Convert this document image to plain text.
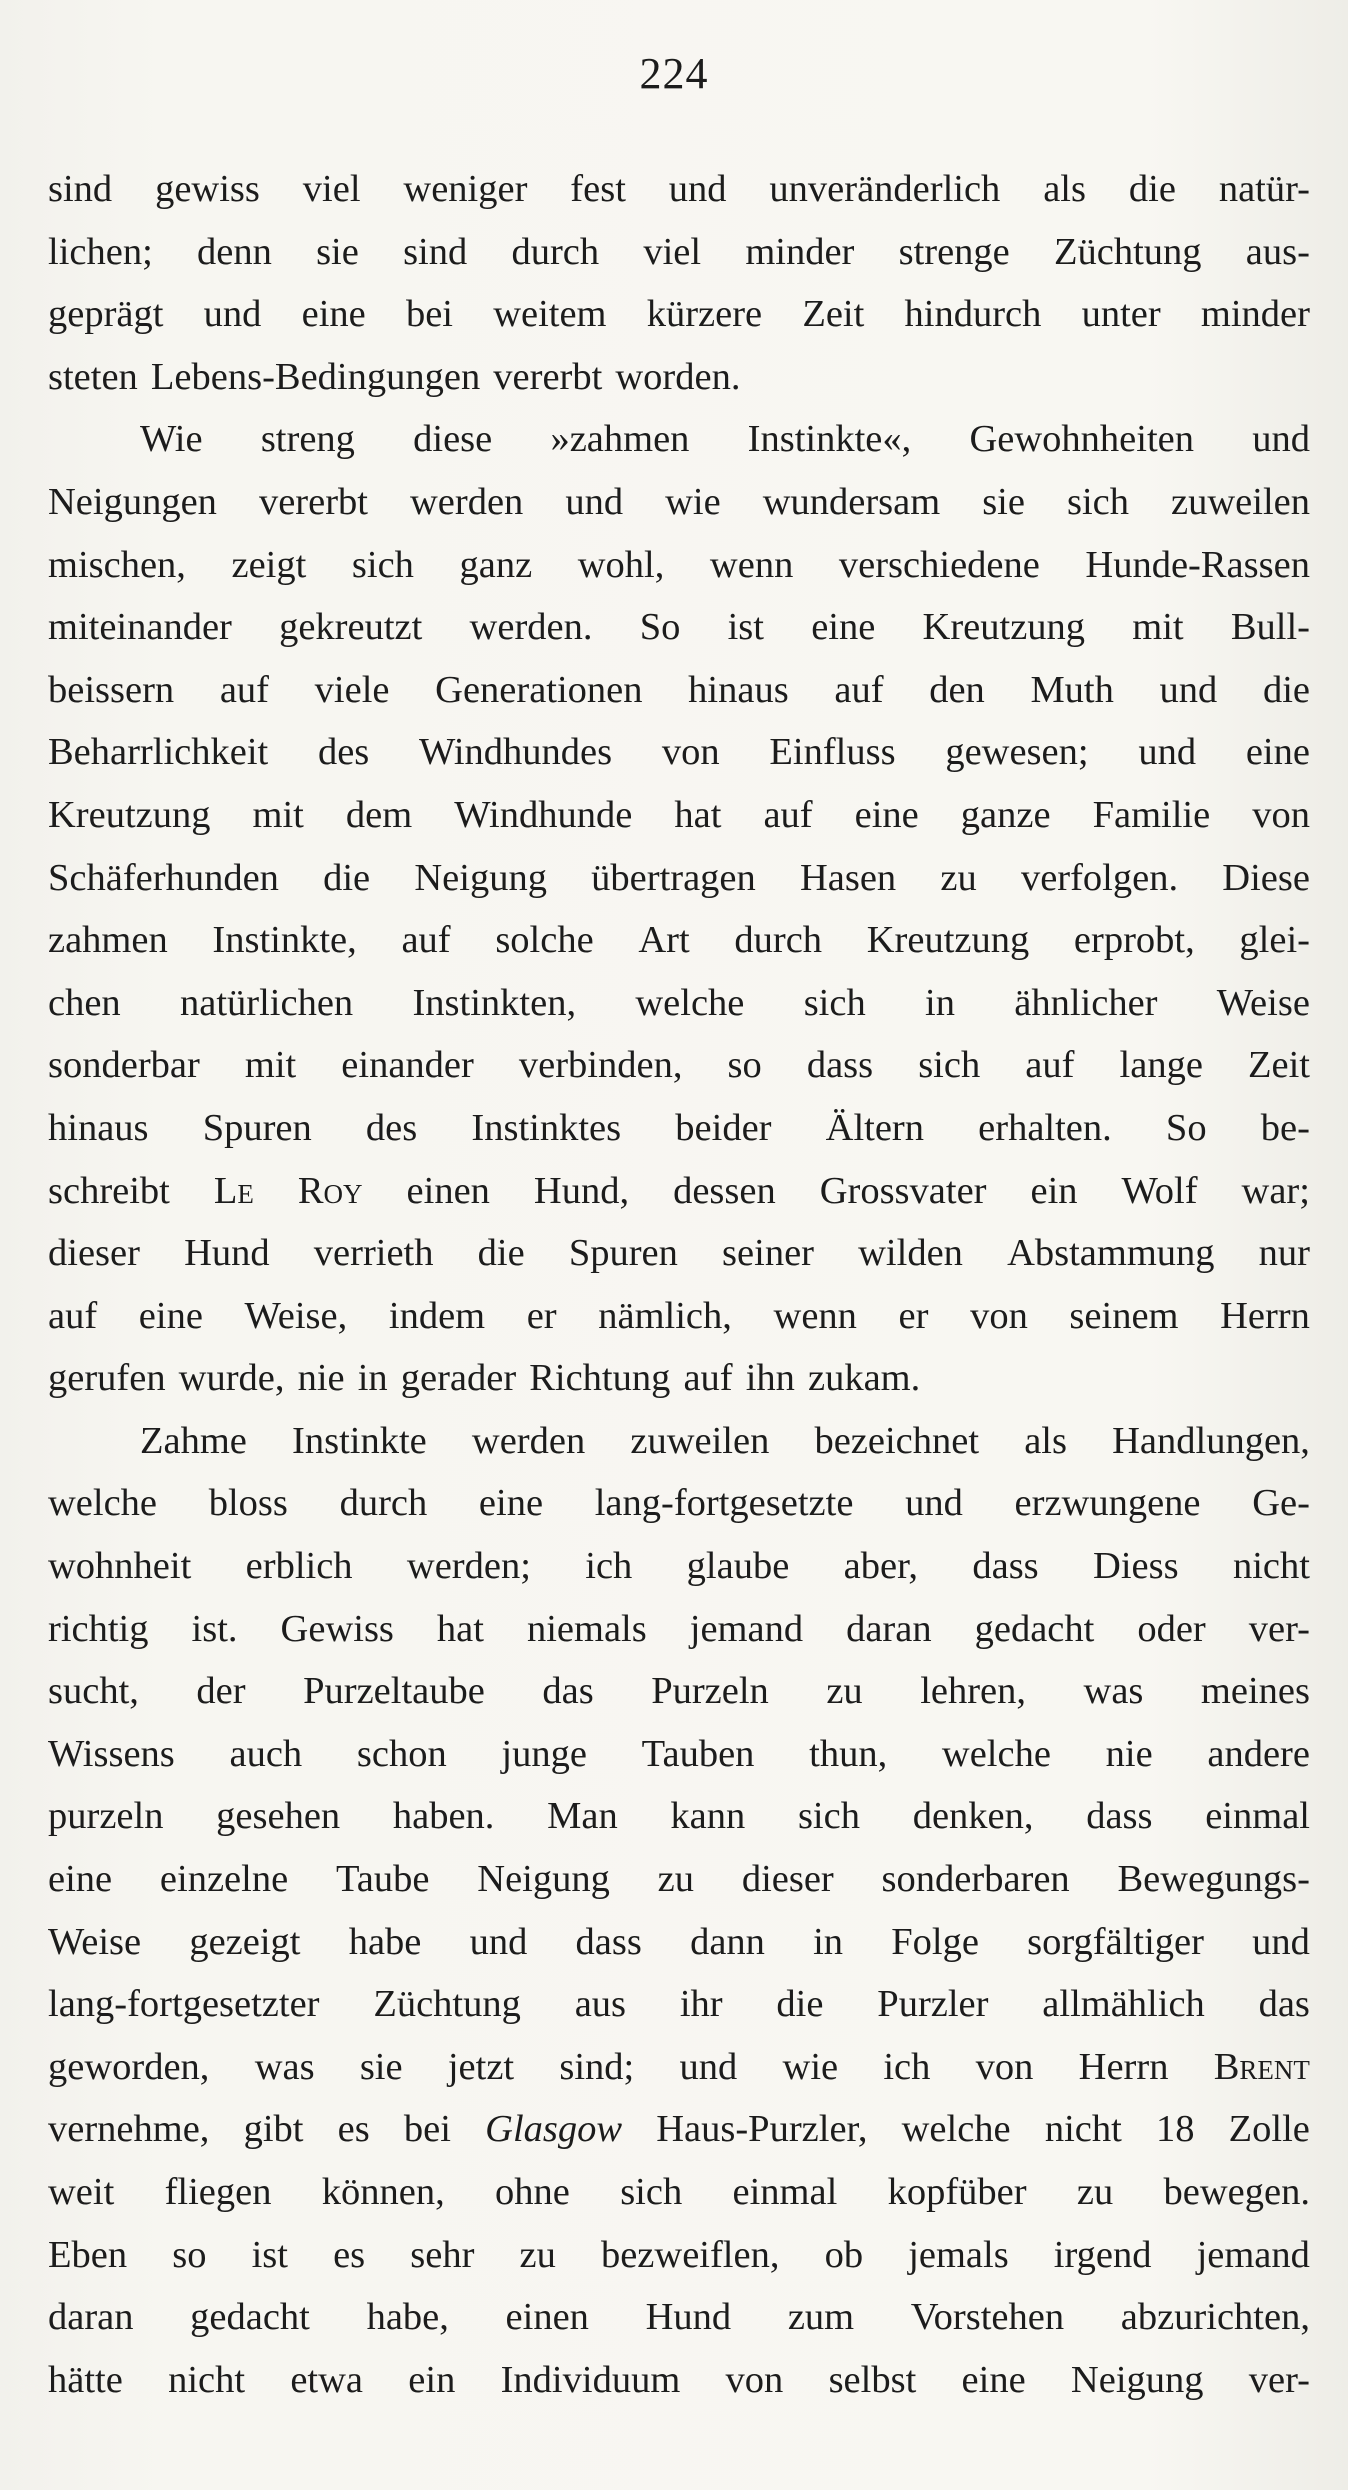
224
sind gewiss viel weniger fest und unveränderlich als die natür-
lichen; denn sie sind durch viel minder strenge Züchtung aus-
geprägt und eine bei weitem kürzere Zeit hindurch unter minder
steten Lebens-Bedingungen vererbt worden.
Wie streng diese »zahmen Instinkte«, Gewohnheiten und
Neigungen vererbt werden und wie wundersam sie sich zuweilen
mischen, zeigt sich ganz wohl, wenn verschiedene Hunde-Rassen
miteinander gekreutzt werden. So ist eine Kreutzung mit Bull-
beissern auf viele Generationen hinaus auf den Muth und die
Beharrlichkeit des Windhundes von Einfluss gewesen; und eine
Kreutzung mit dem Windhunde hat auf eine ganze Familie von
Schäferhunden die Neigung übertragen Hasen zu verfolgen. Diese
zahmen Instinkte, auf solche Art durch Kreutzung erprobt, glei-
chen natürlichen Instinkten, welche sich in ähnlicher Weise
sonderbar mit einander verbinden, so dass sich auf lange Zeit
hinaus Spuren des Instinktes beider Ältern erhalten. So be-
schreibt Le Roy einen Hund, dessen Grossvater ein Wolf war;
dieser Hund verrieth die Spuren seiner wilden Abstammung nur
auf eine Weise, indem er nämlich, wenn er von seinem Herrn
gerufen wurde, nie in gerader Richtung auf ihn zukam.
Zahme Instinkte werden zuweilen bezeichnet als Handlungen,
welche bloss durch eine lang-fortgesetzte und erzwungene Ge-
wohnheit erblich werden; ich glaube aber, dass Diess nicht
richtig ist. Gewiss hat niemals jemand daran gedacht oder ver-
sucht, der Purzeltaube das Purzeln zu lehren, was meines
Wissens auch schon junge Tauben thun, welche nie andere
purzeln gesehen haben. Man kann sich denken, dass einmal
eine einzelne Taube Neigung zu dieser sonderbaren Bewegungs-
Weise gezeigt habe und dass dann in Folge sorgfältiger und
lang-fortgesetzter Züchtung aus ihr die Purzler allmählich das
geworden, was sie jetzt sind; und wie ich von Herrn Brent
vernehme, gibt es bei Glasgow Haus-Purzler, welche nicht 18 Zolle
weit fliegen können, ohne sich einmal kopfüber zu bewegen.
Eben so ist es sehr zu bezweiflen, ob jemals irgend jemand
daran gedacht habe, einen Hund zum Vorstehen abzurichten,
hätte nicht etwa ein Individuum von selbst eine Neigung ver-
